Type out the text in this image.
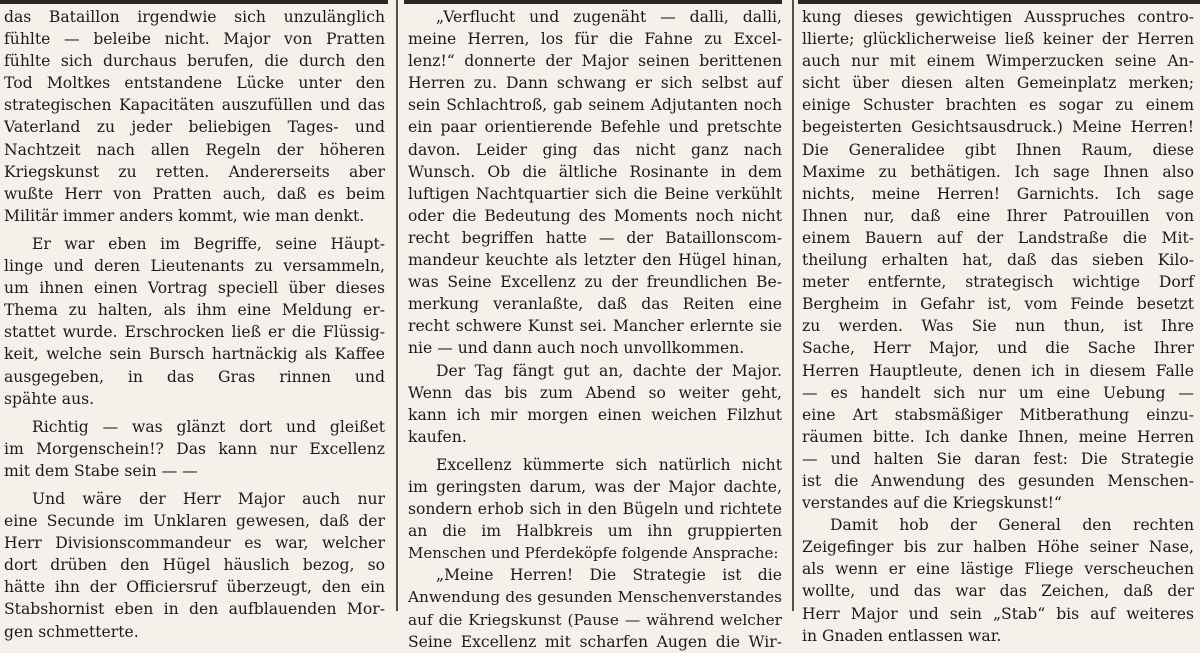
das Bataillon irgendwie sich unzulänglich
fühlte — beleibe nicht. Major von Pratten
fühlte sich durchaus berufen, die durch den
Tod Moltkes entstandene Lücke unter den
strategischen Kapacitäten auszufüllen und das
Vaterland zu jeder beliebigen Tages- und
Nachtzeit nach allen Regeln der höheren
Kriegskunst zu retten. Andererseits aber
wußte Herr von Pratten auch, daß es beim
Militär immer anders kommt, wie man denkt.
Er war eben im Begriffe, seine Häupt-
linge und deren Lieutenants zu versammeln,
um ihnen einen Vortrag speciell über dieses
Thema zu halten, als ihm eine Meldung er-
stattet wurde. Erschrocken ließ er die Flüssig-
keit, welche sein Bursch hartnäckig als Kaffee
ausgegeben, in das Gras rinnen und
spähte aus.
Richtig — was glänzt dort und gleißet
im Morgenschein!? Das kann nur Excellenz
mit dem Stabe sein — —
Und wäre der Herr Major auch nur
eine Secunde im Unklaren gewesen, daß der
Herr Divisionscommandeur es war, welcher
dort drüben den Hügel häuslich bezog, so
hätte ihn der Officiersruf überzeugt, den ein
Stabshornist eben in den aufblauenden Mor-
gen schmetterte.
„Verflucht und zugenäht — dalli, dalli,
meine Herren, los für die Fahne zu Excel-
lenz!“ donnerte der Major seinen berittenen
Herren zu. Dann schwang er sich selbst auf
sein Schlachtroß, gab seinem Adjutanten noch
ein paar orientierende Befehle und pretschte
davon. Leider ging das nicht ganz nach
Wunsch. Ob die ältliche Rosinante in dem
luftigen Nachtquartier sich die Beine verkühlt
oder die Bedeutung des Moments noch nicht
recht begriffen hatte — der Bataillonscom-
mandeur keuchte als letzter den Hügel hinan,
was Seine Excellenz zu der freundlichen Be-
merkung veranlaßte, daß das Reiten eine
recht schwere Kunst sei. Mancher erlernte sie
nie — und dann auch noch unvollkommen.
Der Tag fängt gut an, dachte der Major.
Wenn das bis zum Abend so weiter geht,
kann ich mir morgen einen weichen Filzhut
kaufen.
Excellenz kümmerte sich natürlich nicht
im geringsten darum, was der Major dachte,
sondern erhob sich in den Bügeln und richtete
an die im Halbkreis um ihn gruppierten
Menschen und Pferdeköpfe folgende Ansprache:
„Meine Herren! Die Strategie ist die
Anwendung des gesunden Menschenverstandes
auf die Kriegskunst (Pause — während welcher
Seine Excellenz mit scharfen Augen die Wir-
kung dieses gewichtigen Ausspruches contro-
llierte; glücklicherweise ließ keiner der Herren
auch nur mit einem Wimperzucken seine An-
sicht über diesen alten Gemeinplatz merken;
einige Schuster brachten es sogar zu einem
begeisterten Gesichtsausdruck.) Meine Herren!
Die Generalidee gibt Ihnen Raum, diese
Maxime zu bethätigen. Ich sage Ihnen also
nichts, meine Herren! Garnichts. Ich sage
Ihnen nur, daß eine Ihrer Patrouillen von
einem Bauern auf der Landstraße die Mit-
theilung erhalten hat, daß das sieben Kilo-
meter entfernte, strategisch wichtige Dorf
Bergheim in Gefahr ist, vom Feinde besetzt
zu werden. Was Sie nun thun, ist Ihre
Sache, Herr Major, und die Sache Ihrer
Herren Hauptleute, denen ich in diesem Falle
— es handelt sich nur um eine Uebung —
eine Art stabsmäßiger Mitberathung einzu-
räumen bitte. Ich danke Ihnen, meine Herren
— und halten Sie daran fest: Die Strategie
ist die Anwendung des gesunden Menschen-
verstandes auf die Kriegskunst!“
Damit hob der General den rechten
Zeigefinger bis zur halben Höhe seiner Nase,
als wenn er eine lästige Fliege verscheuchen
wollte, und das war das Zeichen, daß der
Herr Major und sein „Stab“ bis auf weiteres
in Gnaden entlassen war.
